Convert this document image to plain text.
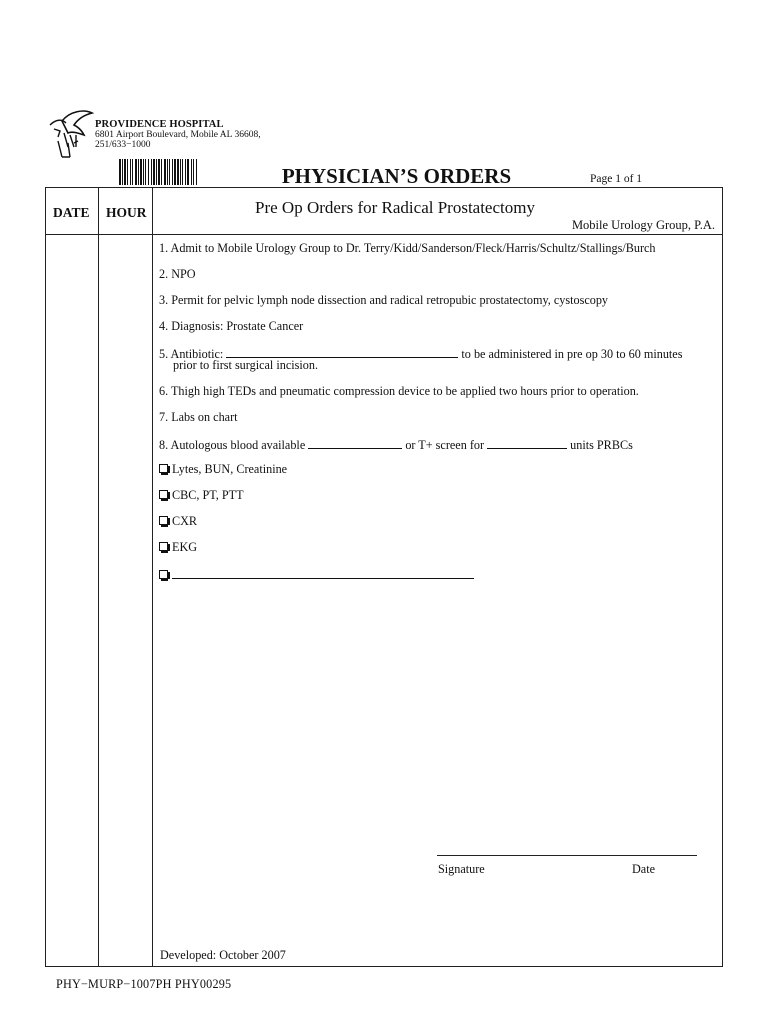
PROVIDENCE HOSPITAL
6801 Airport Boulevard, Mobile AL 36608,
251/633−1000
PHYSICIAN’S ORDERS	Page 1 of 1
DATE HOUR	Pre Op Orders for Radical Prostatectomy
Mobile Urology Group, P.A.
1. Admit to Mobile Urology Group to Dr. Terry/Kidd/Sanderson/Fleck/Harris/Schultz/Stallings/Burch
2. NPO
3. Permit for pelvic lymph node dissection and radical retropubic prostatectomy, cystoscopy
4. Diagnosis: Prostate Cancer
5. Antibiotic:	to be administered in pre op 30 to 60 minutes
prior to first surgical incision.
6. Thigh high TEDs and pneumatic compression device to be applied two hours prior to operation.
7. Labs on chart
8. Autologous blood available	or T+ screen for	units PRBCs
Lytes, BUN, Creatinine
CBC, PT, PTT
CXR
EKG
Signature	Date
Developed: October 2007
PHY−MURP−1007PH PHY00295
